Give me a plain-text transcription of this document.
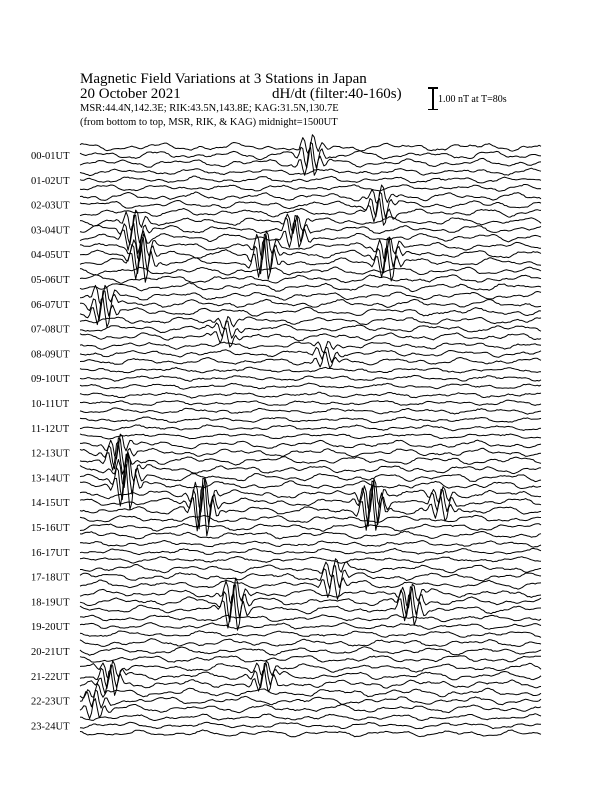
Magnetic Field Variations at 3 Stations in Japan
20 October 2021	dH/dt (filter:40-160s)
MSR:44.4N,142.3E; RIK:43.5N,143.8E; KAG:31.5N,130.7E
(from bottom to top, MSR, RIK, & KAG) midnight=1500UT
1.00 nT at T=80s
00-01UT
01-02UT
02-03UT
03-04UT
04-05UT
05-06UT
06-07UT
07-08UT
08-09UT
09-10UT
10-11UT
11-12UT
12-13UT
13-14UT
14-15UT
15-16UT
16-17UT
17-18UT
18-19UT
19-20UT
20-21UT
21-22UT
22-23UT
23-24UT
